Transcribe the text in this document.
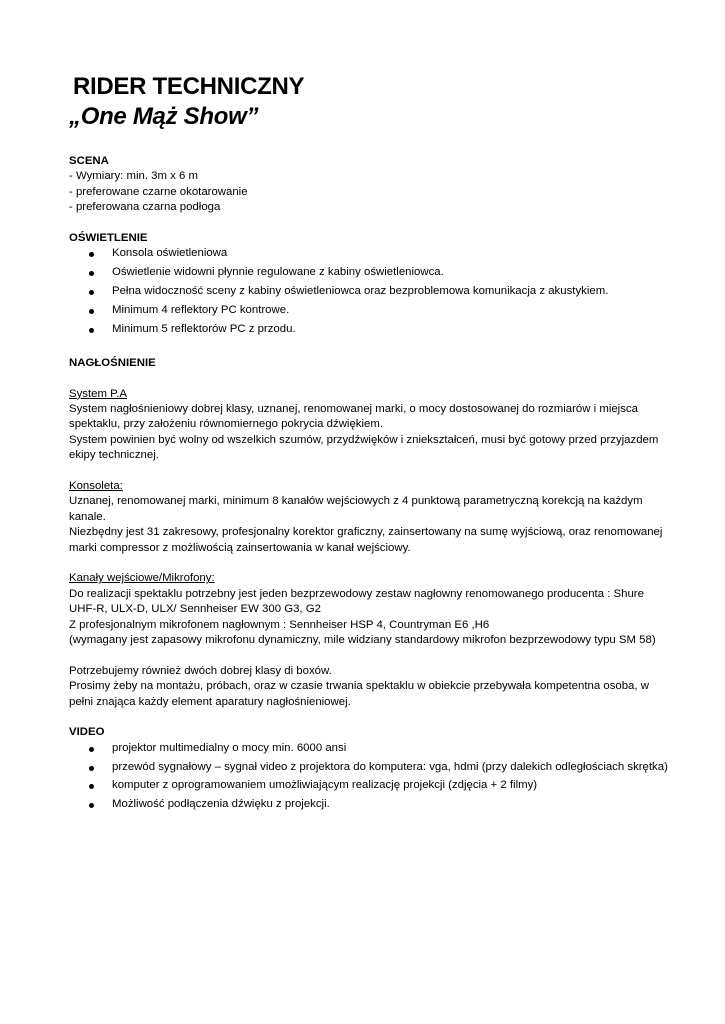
RIDER TECHNICZNY
„One Mąż Show”
SCENA
- Wymiary: min. 3m x 6 m
- preferowane czarne okotarowanie
- preferowana czarna podłoga
OŚWIETLENIE
Konsola oświetleniowa
Oświetlenie widowni płynnie regulowane z kabiny oświetleniowca.
Pełna widoczność sceny z kabiny oświetleniowca oraz bezproblemowa komunikacja z akustykiem.
Minimum 4 reflektory PC kontrowe.
Minimum 5 reflektorów PC z przodu.
NAGŁOŚNIENIE
System P.A
System nagłośnieniowy dobrej klasy, uznanej, renomowanej marki, o mocy dostosowanej do rozmiarów i miejsca
spektaklu, przy założeniu równomiernego pokrycia dźwiękiem.
System powinien być wolny od wszelkich szumów, przydźwięków i zniekształceń, musi być gotowy przed przyjazdem
ekipy technicznej.
Konsoleta:
Uznanej, renomowanej marki, minimum 8 kanałów wejściowych z 4 punktową parametryczną korekcją na każdym
kanale.
Niezbędny jest 31 zakresowy, profesjonalny korektor graficzny, zainsertowany na sumę wyjściową, oraz renomowanej
marki compressor z możliwością zainsertowania w kanał wejściowy.
Kanały wejściowe/Mikrofony:
Do realizacji spektaklu potrzebny jest jeden bezprzewodowy zestaw nagłowny renomowanego producenta : Shure
UHF-R, ULX-D, ULX/ Sennheiser EW 300 G3, G2
Z profesjonalnym mikrofonem nagłownym : Sennheiser HSP 4, Countryman E6 ,H6
(wymagany jest zapasowy mikrofonu dynamiczny, mile widziany standardowy mikrofon bezprzewodowy typu SM 58)
Potrzebujemy również dwóch dobrej klasy di boxów.
Prosimy żeby na montażu, próbach, oraz w czasie trwania spektaklu w obiekcie przebywała kompetentna osoba, w
pełni znająca każdy element aparatury nagłośnieniowej.
VIDEO
projektor multimedialny o mocy min. 6000 ansi
przewód sygnałowy – sygnał video z projektora do komputera: vga, hdmi (przy dalekich odległościach skrętka)
komputer z oprogramowaniem umożliwiającym realizację projekcji (zdjęcia + 2 filmy)
Możliwość podłączenia dźwięku z projekcji.
